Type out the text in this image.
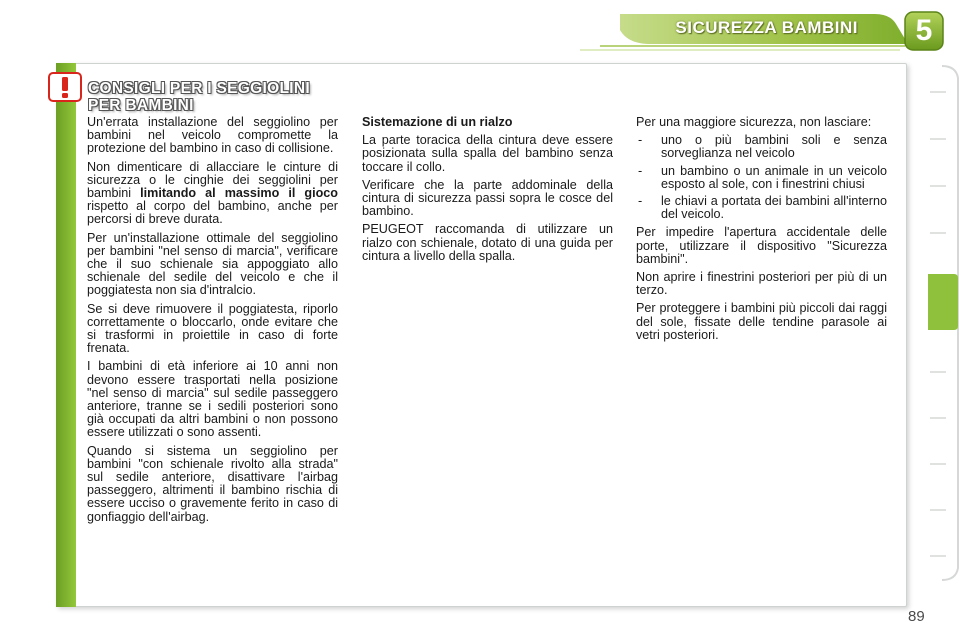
SICUREZZA BAMBINI	5
CONSIGLI PER I SEGGIOLINI
PER BAMBINI

Un'errata installazione del seggiolino per bambini nel veicolo compromette la protezione del bambino in caso di collisione.

Non dimenticare di allacciare le cinture di sicurezza o le cinghie dei seggiolini per bambini limitando al massimo il gioco rispetto al corpo del bambino, anche per percorsi di breve durata.

Per un'installazione ottimale del seggiolino per bambini "nel senso di marcia", verificare che il suo schienale sia appoggiato allo schienale del sedile del veicolo e che il poggiatesta non sia d'intralcio.

Se si deve rimuovere il poggiatesta, riporlo correttamente o bloccarlo, onde evitare che si trasformi in proiettile in caso di forte frenata.

I bambini di età inferiore ai 10 anni non devono essere trasportati nella posizione "nel senso di marcia" sul sedile passeggero anteriore, tranne se i sedili posteriori sono già occupati da altri bambini o non possono essere utilizzati o sono assenti.

Quando si sistema un seggiolino per bambini "con schienale rivolto alla strada" sul sedile anteriore, disattivare l'airbag passeggero, altrimenti il bambino rischia di essere ucciso o gravemente ferito in caso di gonfiaggio dell'airbag.

Sistemazione di un rialzo

La parte toracica della cintura deve essere posizionata sulla spalla del bambino senza toccare il collo.

Verificare che la parte addominale della cintura di sicurezza passi sopra le cosce del bambino.

PEUGEOT raccomanda di utilizzare un rialzo con schienale, dotato di una guida per cintura a livello della spalla.

Per una maggiore sicurezza, non lasciare:

- uno o più bambini soli e senza sorveglianza nel veicolo
- un bambino o un animale in un veicolo esposto al sole, con i finestrini chiusi
- le chiavi a portata dei bambini all'interno del veicolo.

Per impedire l'apertura accidentale delle porte, utilizzare il dispositivo "Sicurezza bambini".

Non aprire i finestrini posteriori per più di un terzo.

Per proteggere i bambini più piccoli dai raggi del sole, fissate delle tendine parasole ai vetri posteriori.

89
